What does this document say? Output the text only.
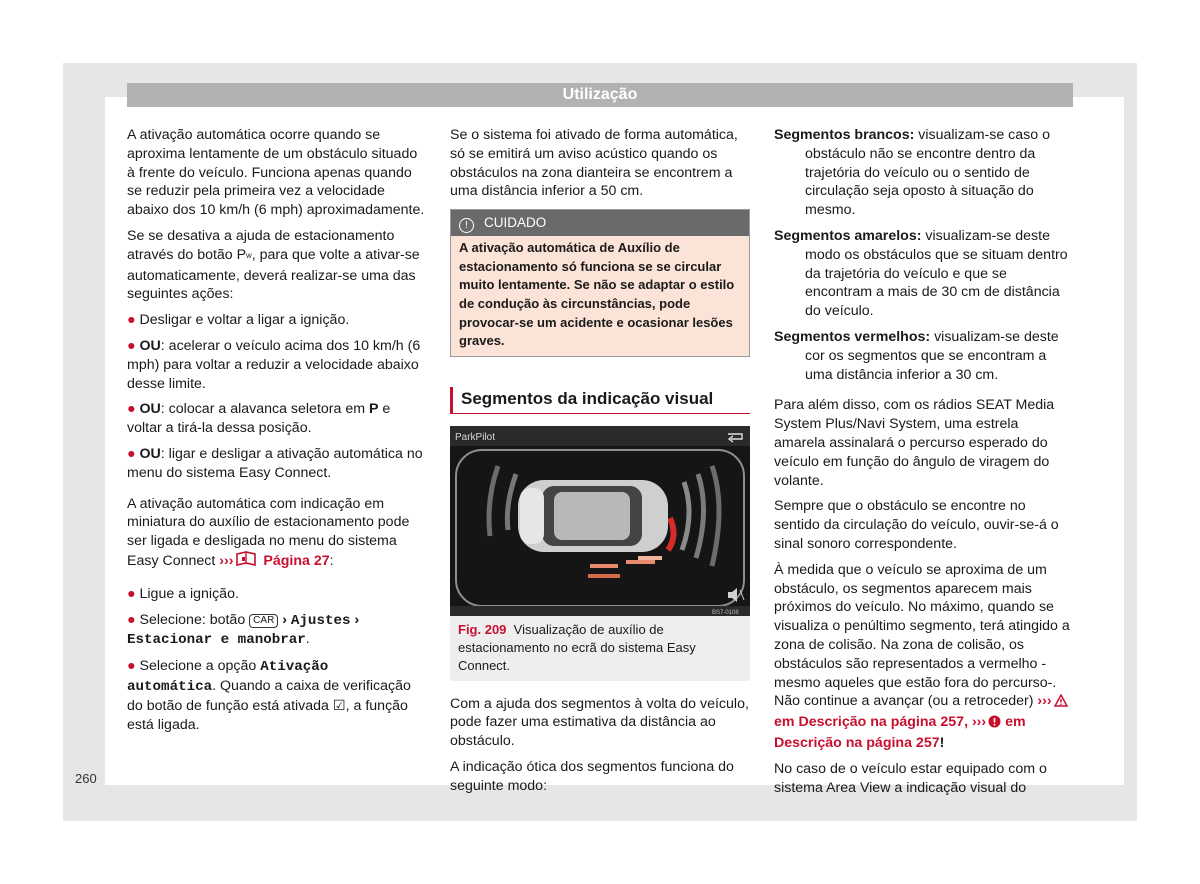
Utilização

A ativação automática ocorre quando se aproxima lentamente de um obstáculo situado à frente do veículo. Funciona apenas quando se reduzir pela primeira vez a velocidade abaixo dos 10 km/h (6 mph) aproximadamente.

Se se desativa a ajuda de estacionamento através do botão Pᵂ, para que volte a ativar-se automaticamente, deverá realizar-se uma das seguintes ações:

● Desligar e voltar a ligar a ignição.

● OU: acelerar o veículo acima dos 10 km/h (6 mph) para voltar a reduzir a velocidade abaixo desse limite.

● OU: colocar a alavanca seletora em P e voltar a tirá-la dessa posição.

● OU: ligar e desligar a ativação automática no menu do sistema Easy Connect.

A ativação automática com indicação em miniatura do auxílio de estacionamento pode ser ligada e desligada no menu do sistema Easy Connect ››› Página 27:

● Ligue a ignição.

● Selecione: botão CAR › Ajustes › Estacionar e manobrar.

● Selecione a opção Ativação automática. Quando a caixa de verificação do botão de função está ativada ☑, a função está ligada.

Se o sistema foi ativado de forma automática, só se emitirá um aviso acústico quando os obstáculos na zona dianteira se encontrem a uma distância inferior a 50 cm.

! CUIDADO
A ativação automática de Auxílio de estacionamento só funciona se se circular muito lentamente. Se não se adaptar o estilo de condução às circunstâncias, pode provocar-se um acidente e ocasionar lesões graves.
Segmentos da indicação visual
ParkPilot
BS7-0108
Fig. 209 Visualização de auxílio de estacionamento no ecrã do sistema Easy Connect.

Com a ajuda dos segmentos à volta do veículo, pode fazer uma estimativa da distância ao obstáculo.

A indicação ótica dos segmentos funciona do seguinte modo:

Segmentos brancos: visualizam-se caso o obstáculo não se encontre dentro da trajetória do veículo ou o sentido de circulação seja oposto à situação do mesmo.

Segmentos amarelos: visualizam-se deste modo os obstáculos que se situam dentro da trajetória do veículo e que se encontram a mais de 30 cm de distância do veículo.

Segmentos vermelhos: visualizam-se deste cor os segmentos que se encontram a uma distância inferior a 30 cm.

Para além disso, com os rádios SEAT Media System Plus/Navi System, uma estrela amarela assinalará o percurso esperado do veículo em função do ângulo de viragem do volante.

Sempre que o obstáculo se encontre no sentido da circulação do veículo, ouvir-se-á o sinal sonoro correspondente.

À medida que o veículo se aproxima de um obstáculo, os segmentos aparecem mais próximos do veículo. No máximo, quando se visualiza o penúltimo segmento, terá atingido a zona de colisão. Na zona de colisão, os obstáculos são representados a vermelho - mesmo aqueles que estão fora do percurso-. Não continue a avançar (ou a retroceder) ››› em Descrição na página 257, ››› em Descrição na página 257!

No caso de o veículo estar equipado com o sistema Area View a indicação visual do

260
